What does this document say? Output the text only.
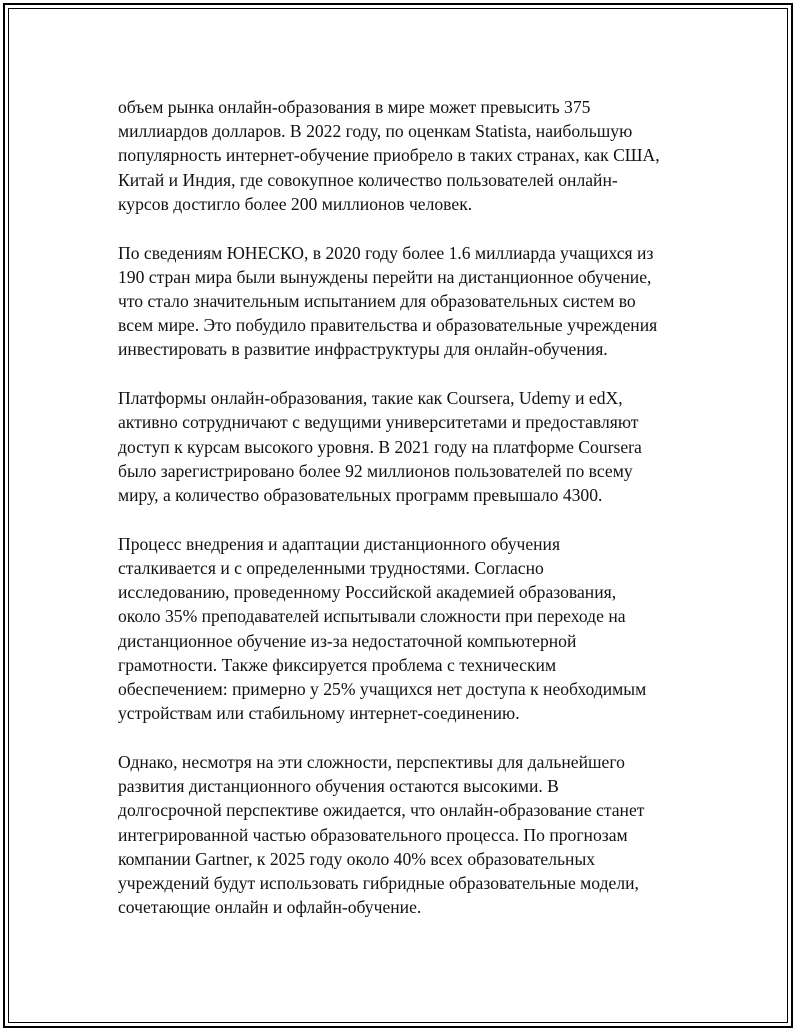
объем рынка онлайн-образования в мире может превысить 375
миллиардов долларов. В 2022 году, по оценкам Statista, наибольшую
популярность интернет-обучение приобрело в таких странах, как США,
Китай и Индия, где совокупное количество пользователей онлайн-
курсов достигло более 200 миллионов человек.

По сведениям ЮНЕСКО, в 2020 году более 1.6 миллиарда учащихся из
190 стран мира были вынуждены перейти на дистанционное обучение,
что стало значительным испытанием для образовательных систем во
всем мире. Это побудило правительства и образовательные учреждения
инвестировать в развитие инфраструктуры для онлайн-обучения.

Платформы онлайн-образования, такие как Coursera, Udemy и edX,
активно сотрудничают с ведущими университетами и предоставляют
доступ к курсам высокого уровня. В 2021 году на платформе Coursera
было зарегистрировано более 92 миллионов пользователей по всему
миру, а количество образовательных программ превышало 4300.

Процесс внедрения и адаптации дистанционного обучения
сталкивается и с определенными трудностями. Согласно
исследованию, проведенному Российской академией образования,
около 35% преподавателей испытывали сложности при переходе на
дистанционное обучение из-за недостаточной компьютерной
грамотности. Также фиксируется проблема с техническим
обеспечением: примерно у 25% учащихся нет доступа к необходимым
устройствам или стабильному интернет-соединению.

Однако, несмотря на эти сложности, перспективы для дальнейшего
развития дистанционного обучения остаются высокими. В
долгосрочной перспективе ожидается, что онлайн-образование станет
интегрированной частью образовательного процесса. По прогнозам
компании Gartner, к 2025 году около 40% всех образовательных
учреждений будут использовать гибридные образовательные модели,
сочетающие онлайн и офлайн-обучение.
